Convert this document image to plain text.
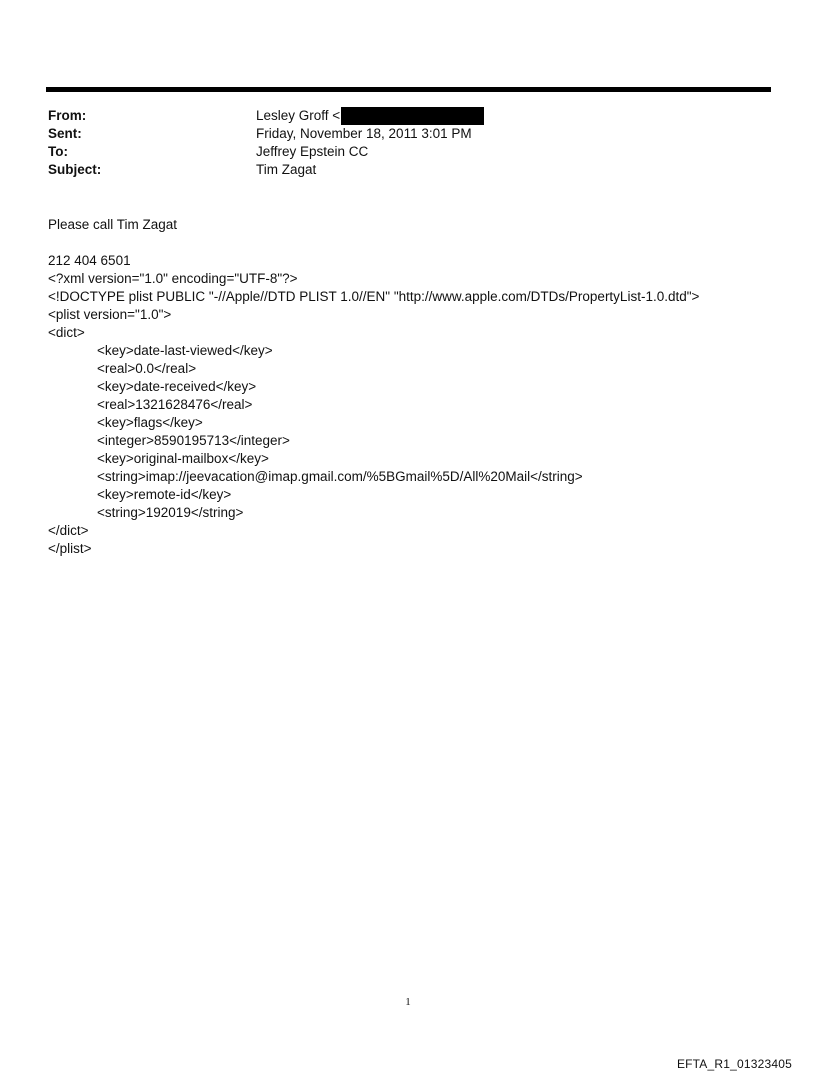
From:	Lesley Groff <
Sent:	Friday, November 18, 2011 3:01 PM
To:	Jeffrey Epstein CC
Subject:	Tim Zagat
Please call Tim Zagat
212 404 6501
<?xml version="1.0" encoding="UTF-8"?>
<!DOCTYPE plist PUBLIC "-//Apple//DTD PLIST 1.0//EN" "http://www.apple.com/DTDs/PropertyList-1.0.dtd">
<plist version="1.0">
<dict>
<key>date-last-viewed</key>
<real>0.0</real>
<key>date-received</key>
<real>1321628476</real>
<key>flags</key>
<integer>8590195713</integer>
<key>original-mailbox</key>
<string>imap://jeevacation@imap.gmail.com/%5BGmail%5D/All%20Mail</string>
<key>remote-id</key>
<string>192019</string>
</dict>
</plist>
1
EFTA_R1_01323405
